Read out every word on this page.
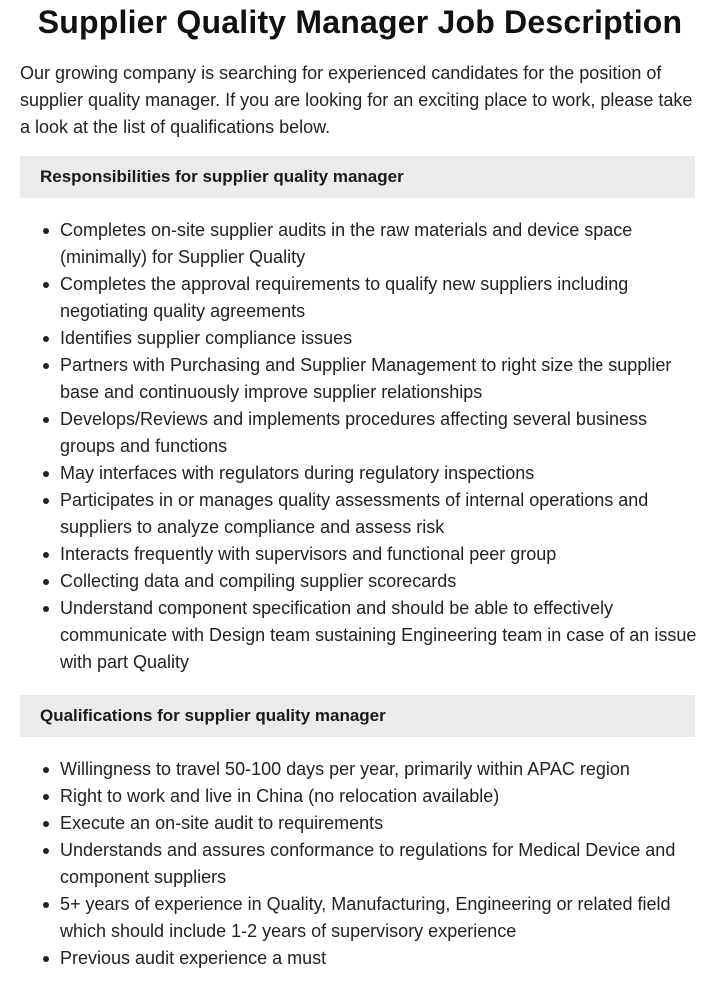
Supplier Quality Manager Job Description

Our growing company is searching for experienced candidates for the position of supplier quality manager. If you are looking for an exciting place to work, please take a look at the list of qualifications below.

Responsibilities for supplier quality manager
Completes on-site supplier audits in the raw materials and device space (minimally) for Supplier Quality
Completes the approval requirements to qualify new suppliers including negotiating quality agreements
Identifies supplier compliance issues
Partners with Purchasing and Supplier Management to right size the supplier base and continuously improve supplier relationships
Develops/Reviews and implements procedures affecting several business groups and functions
May interfaces with regulators during regulatory inspections
Participates in or manages quality assessments of internal operations and suppliers to analyze compliance and assess risk
Interacts frequently with supervisors and functional peer group
Collecting data and compiling supplier scorecards
Understand component specification and should be able to effectively communicate with Design team sustaining Engineering team in case of an issue with part Quality
Qualifications for supplier quality manager
Willingness to travel 50-100 days per year, primarily within APAC region
Right to work and live in China (no relocation available)
Execute an on-site audit to requirements
Understands and assures conformance to regulations for Medical Device and component suppliers
5+ years of experience in Quality, Manufacturing, Engineering or related field which should include 1-2 years of supervisory experience
Previous audit experience a must
